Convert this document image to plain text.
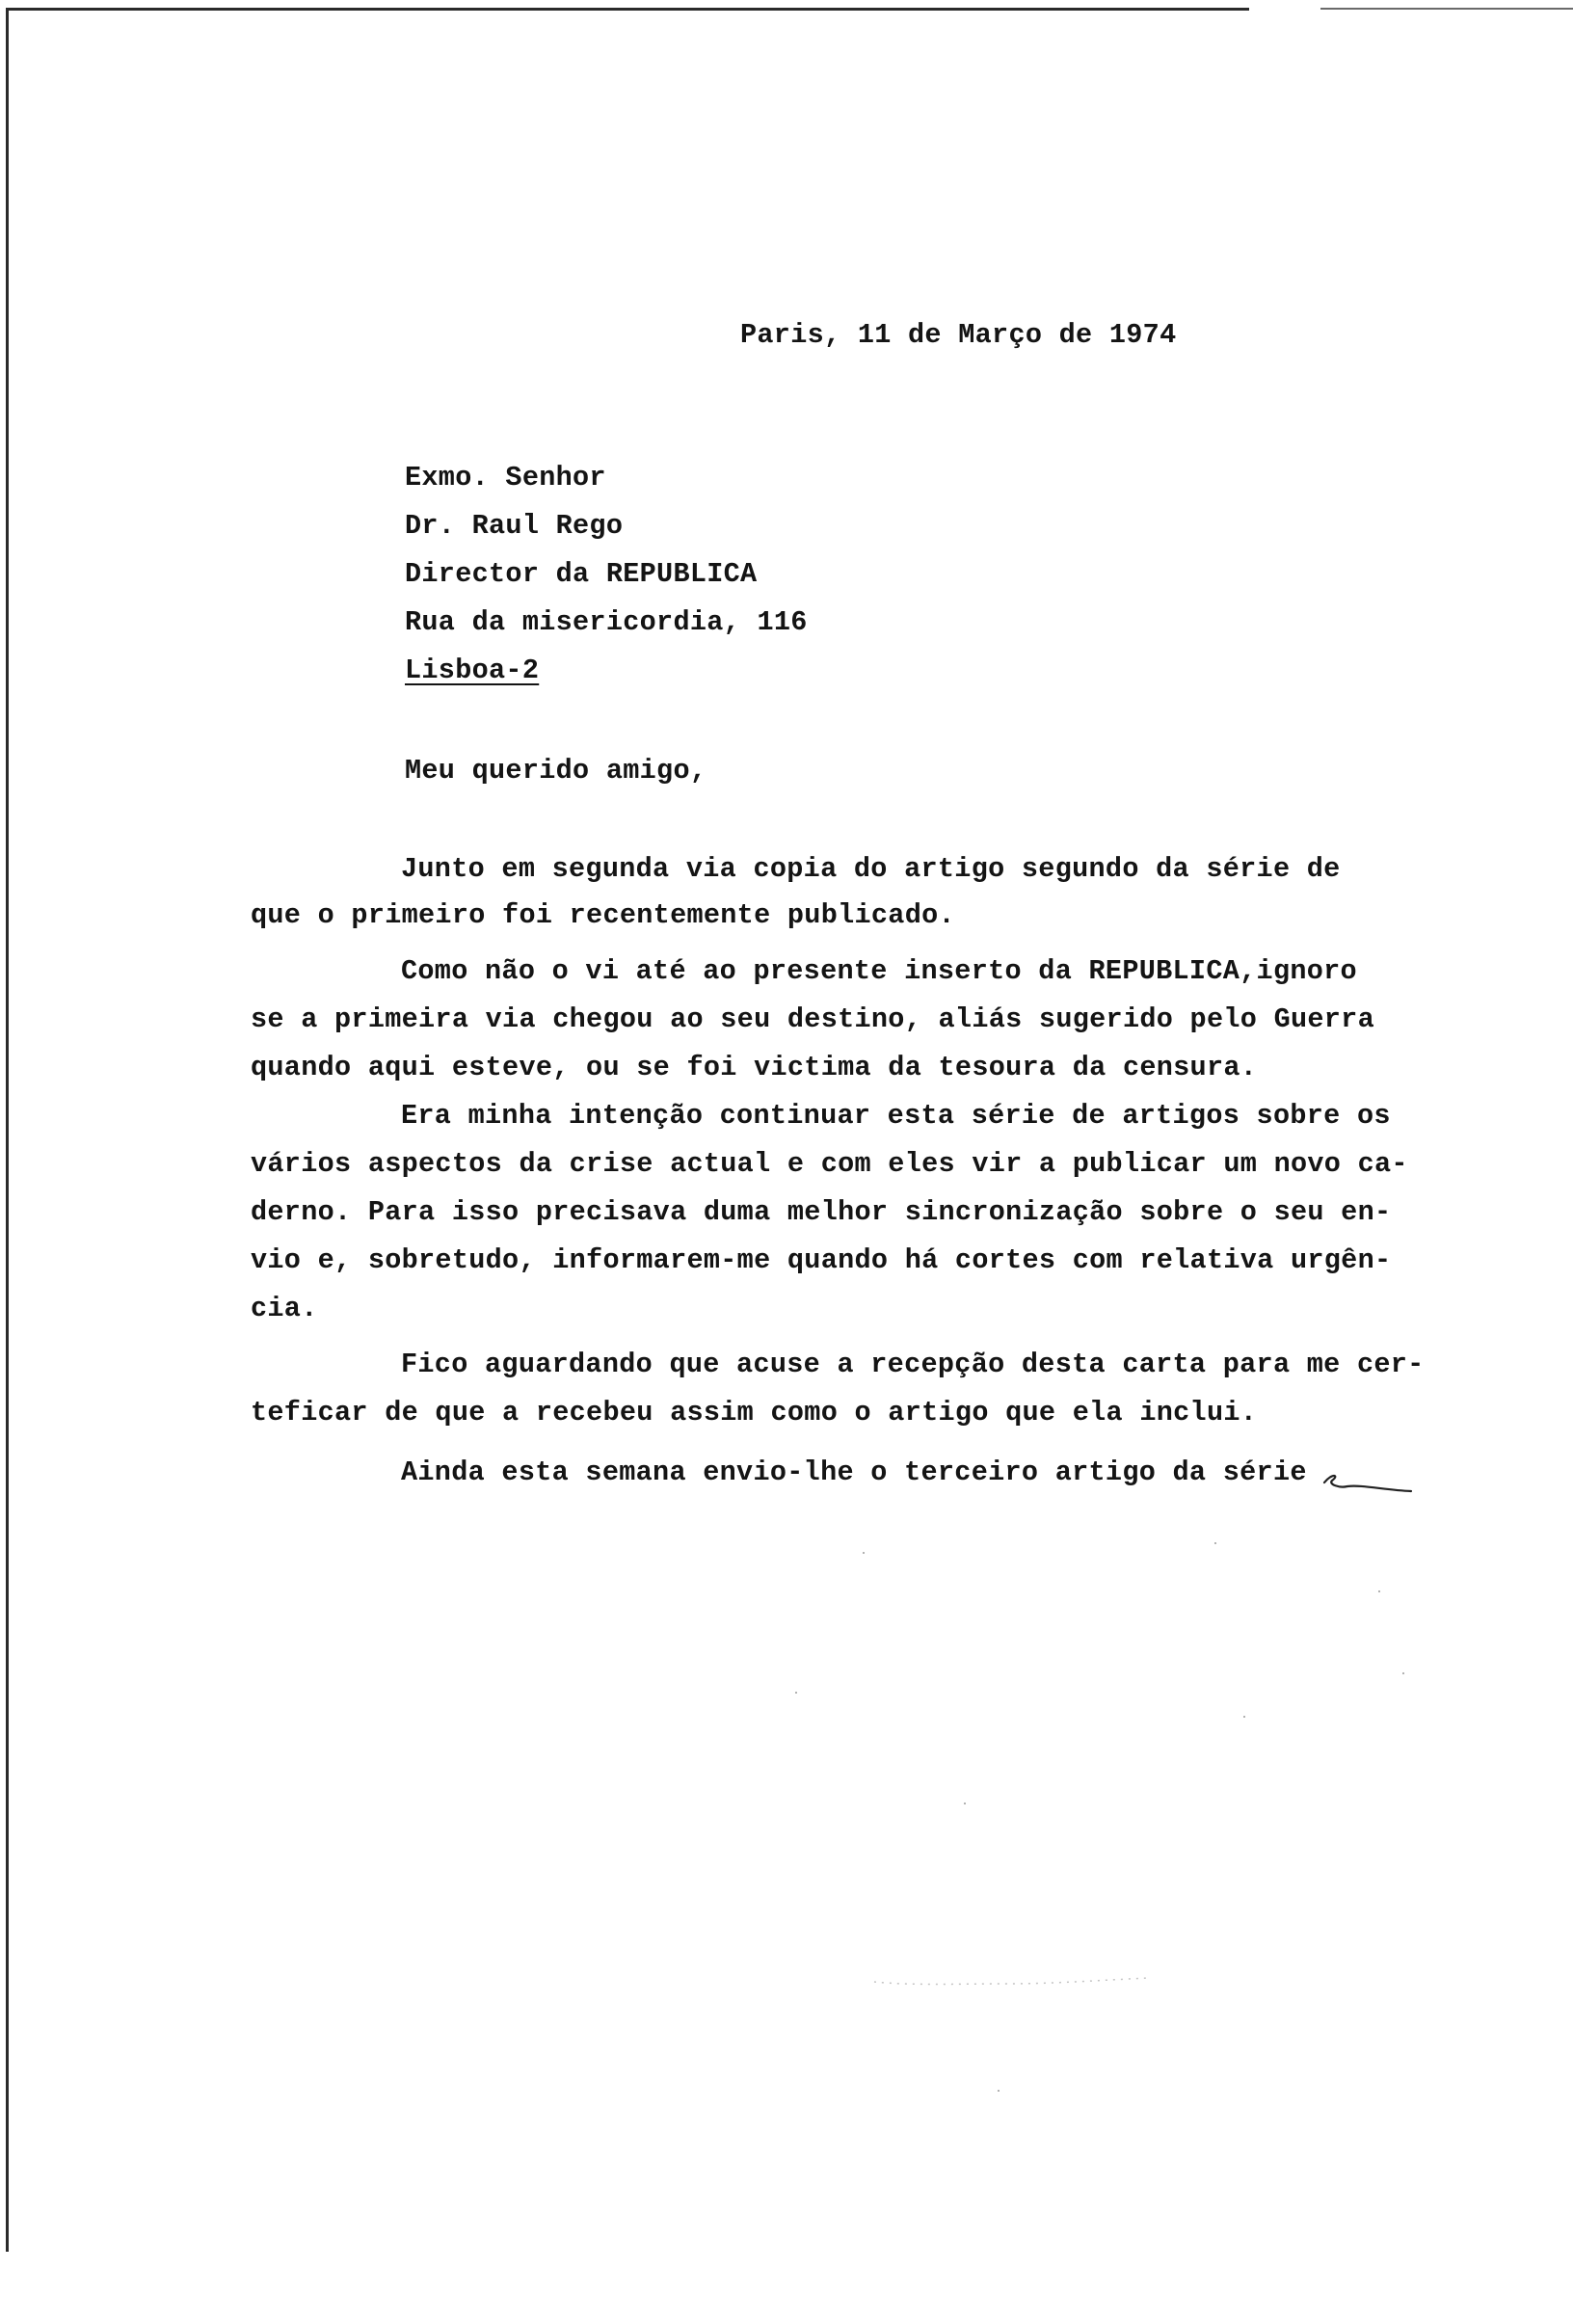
Paris, 11 de Março de 1974
Exmo. Senhor
Dr. Raul Rego
Director da REPUBLICA
Rua da misericordia, 116
Lisboa-2
Meu querido amigo,
Junto em segunda via copia do artigo segundo da série de
que o primeiro foi recentemente publicado.
Como não o vi até ao presente inserto da REPUBLICA,ignoro
se a primeira via chegou ao seu destino, aliás sugerido pelo Guerra
quando aqui esteve, ou se foi victima da tesoura da censura.
Era minha intenção continuar esta série de artigos sobre os
vários aspectos da crise actual e com eles vir a publicar um novo ca-
derno. Para isso precisava duma melhor sincronização sobre o seu en-
vio e, sobretudo, informarem-me quando há cortes com relativa urgên-
cia.
Fico aguardando que acuse a recepção desta carta para me cer-
teficar de que a recebeu assim como o artigo que ela inclui.
Ainda esta semana envio-lhe o terceiro artigo da série
